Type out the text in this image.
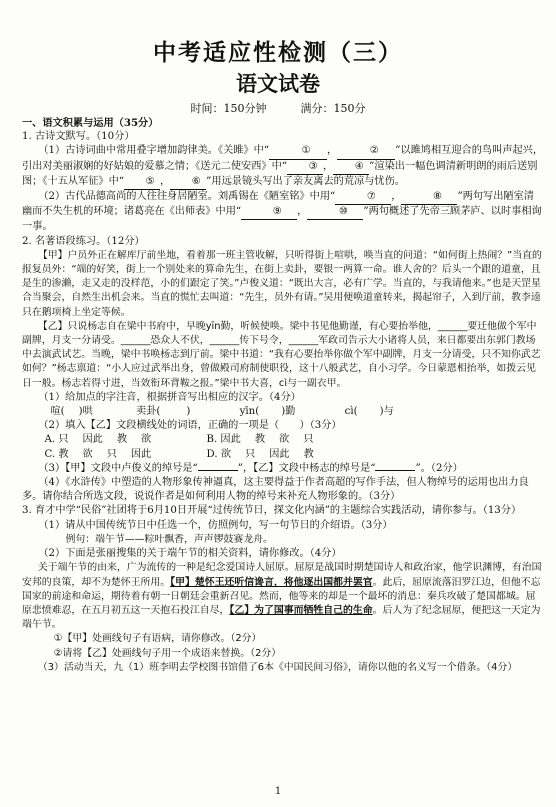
中考适应性检测（三）
语文试卷
时间：150分钟	满分：150分

一、语文积累与运用（35分）

1. 古诗文默写。（10分）

（1）古诗词曲中常用叠字增加韵律美。《关雎》中“	① ，	② ”以雎鸠相互迎合的鸟叫声起兴，引出对美丽淑娴的好姑娘的爱慕之情；《送元二使安西》中“ ③ ， ④ ”渲染出一幅色调清新明朗的雨后送别图；《十五从军征》中“ ⑤ ， ⑥ ”用远景镜头写出了亲友离去的荒凉与忧伤。

（2）古代品德高尚的人往往身居陋室。刘禹锡在《陋室铭》中用“	⑦ ，	⑧ ”两句写出陋室清幽而不失生机的环境；诸葛亮在《出师表》中用“	⑨ ，	⑩ ”两句概述了先帝三顾茅庐、以时事相询一事。

2. 名著语段练习。（12分）

【甲】户员外正在解库厅前坐地，看着那一班主管收解，只听得街上喧哄，唤当直的问道：“如何街上热闹？”当直的报复员外：“端的好笑，街上一个别处来的算命先生，在街上卖卦，要银一两算一命。谁人舍的？后头一个跟的道童，且是生的渗濑，走又走的没样范，小的们跟定了笑。”卢俊义道：“既出大言，必有广学。当直的，与我请他来。”也是天罡星合当聚会，自然生出机会来。当直的慌忙去叫道：“先生，员外有请。”吴用便唤道童转来，揭起帘子，入到厅前，教李逵只在鹅项椅上坐定等候。

【乙】只说杨志自在梁中书府中，早晚yīn勤，听候使唤。梁中书见他勤谨，有心要抬举他，______要迁他做个军中副牌，月支一分请受。______恐众人不伏，______传下号令，______军政司告示大小诸将人员，来日都要出东郭门教场中去演武试艺。当晚，梁中书唤杨志到厅前。梁中书道：“我有心要抬举你做个军中副牌，月支一分请受，只不知你武艺如何？”杨志禀道：“小人应过武举出身，曾做殿司府制使职役，这十八般武艺，自小习学。今日蒙恩相抬举，如拨云见日一般。杨志若得寸进，当效衔环背鞍之报。”梁中书大喜，cì与一副衣甲。

（1）给加点的字注音，根据拼音写出相应的汉字。（4分）

喧( )哄	卖卦(	)	yīn( )勤	cì( )与

（2）填入【乙】文段横线处的词语，正确的一项是（　　）（3分）

A. 只 因此 教 欲	B. 因此 教 欲 只

C. 教 欲 只 因此	D. 欲 只 因此 教

（3）【甲】文段中卢俊义的绰号是“	”，【乙】文段中杨志的绰号是“	”。（2分）

（4）《水浒传》中塑造的人物形象传神逼真，这主要得益于作者高超的写作手法，但人物绰号的运用也出力良多。请你结合所选文段，说说作者是如何利用人物的绰号来补充人物形象的。（3分）

3. 育才中学“民俗”社团将于6月10日开展“过传统节日，探文化内涵”的主题综合实践活动，请你参与。（13分）

（1）请从中国传统节日中任选一个，仿照例句，写一句节日的介绍语。（3分）

例句：端午节——粽叶飘香，声声锣鼓赛龙舟。

（2）下面是张丽搜集的关于端午节的相关资料，请你修改。（4分）

关于端午节的由来，广为流传的一种是纪念爱国诗人屈原。屈原是战国时期楚国诗人和政治家，他学识渊博，有治国安邦的良策，却不为楚怀王所用。【甲】楚怀王还听信谗言，将他逐出国都并罢官。此后，屈原流落汨罗江边，但他不忘国家的前途和命运，期待着有朝一日朝廷会重新召见。然而，他等来的却是一个最坏的消息：秦兵攻破了楚国都城。屈原悲愤难忍，在五月初五这一天抱石投江自尽，【乙】为了国事而牺牲自己的生命。后人为了纪念屈原，便把这一天定为端午节。

①【甲】处画线句子有语病，请你修改。（2分）

②请将【乙】处画线句子用一个成语来替换。（2分）

（3）活动当天，九（1）班李明去学校图书馆借了6本《中国民间习俗》，请你以他的名义写一个借条。（4分）

1
